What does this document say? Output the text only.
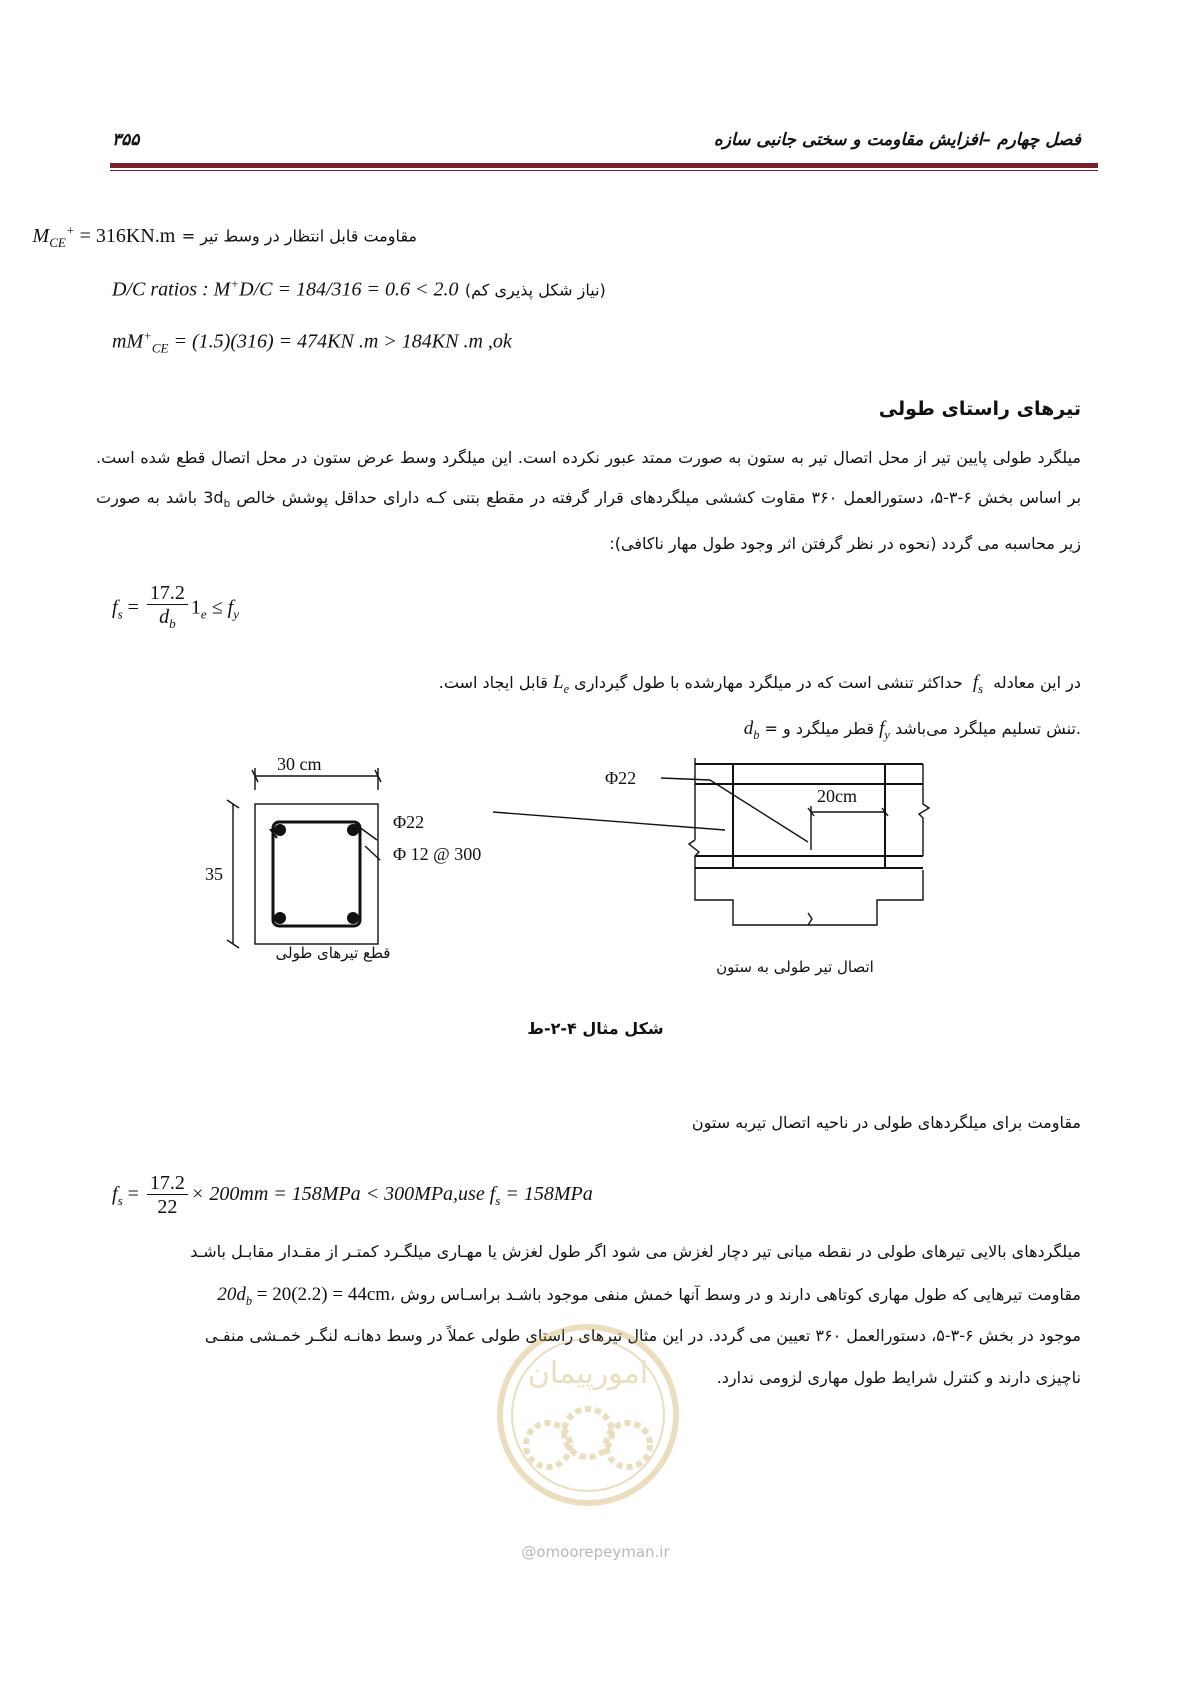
۳۵۵	فصل چهارم –افزایش مقاومت و سختی جانبی سازه
مقاومت قابل انتظار در وسط تیر = $M_{CE}^+ = 316KN.m$
D/C ratios : M+D/C = 184/316 = 0.6 < 2.0 (نیاز شکل پذیری کم)
$mM^+_{CE} = (1.5)(316) = 474KN$ .m > 184KN .m ,ok
تیرهای راستای طولی
میلگرد طولی پایین تیر از محل اتصال تیر به ستون به صورت ممتد عبور نکرده است. این میلگرد وسط عرض ستون در محل اتصال قطع شده است. بر اساس بخش ۶-۳-۵، دستورالعمل ۳۶۰ مقاوت کششی میلگردهای قرار گرفته در مقطع بتنی کـه دارای حداقل پوشش خالص $3d_b$ باشد به صورت زیر محاسبه می گردد (نحوه در نظر گرفتن اثر وجود طول مهار ناکافی):
$f_s = \frac{17.2}{d_b} 1_e \le f_y$
در این معادله  $f_s$  حداکثر تنشی است که در میلگرد مهارشده با طول گیرداری $L_e$ قابل ایجاد است.
$d_b$ = قطر میلگرد و $f_y$ تنش تسلیم میلگرد می‌باشد.
30 cm
35
Φ22
Φ 12 @ 300
Φ22
20cm
قطع تیرهای طولی
اتصال تیر طولی به ستون
شکل مثال ۴-۲-ط
مقاومت برای میلگردهای طولی در ناحیه اتصال تیربه ستون
$f_s = \frac{17.2}{22} \times 200mm = 158MPa < 300MPa,use$ $f_s = 158MPa$
میلگردهای بالایی تیرهای طولی در نقطه میانی تیر دچار لغزش می شود اگر طول لغزش یا مهـاری میلگـرد کمتـر از مقـدار مقابـل باشـد
$20d_b = 20(2.2)$ = 44cm، مقاومت تیرهایی که طول مهاری کوتاهی دارند و در وسط آنها خمش منفی موجود باشـد براسـاس روش
موجود در بخش ۶-۳-۵، دستورالعمل ۳۶۰ تعیین می گردد. در این مثال تیرهای راستای طولی عملاً در وسط دهانـه لنگـر خمـشی منفـی
ناچیزی دارند و کنترل شرایط طول مهاری لزومی ندارد.
امورپیمان
@omoorepeyman.ir
